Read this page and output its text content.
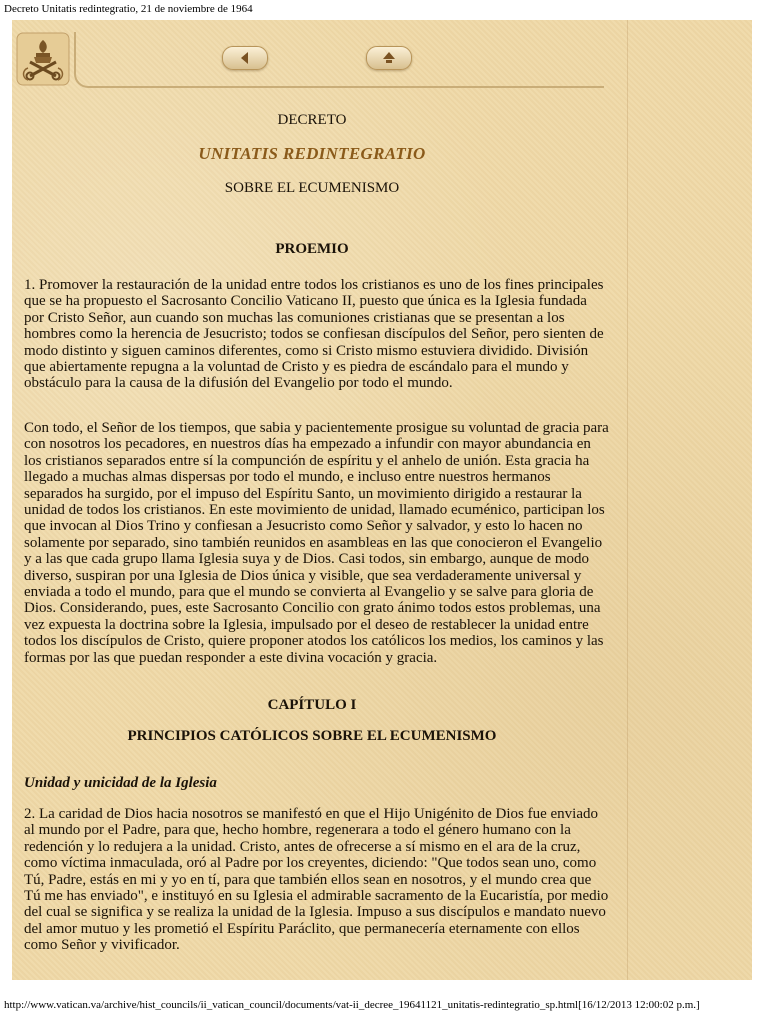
Decreto Unitatis redintegratio, 21 de noviembre de 1964
DECRETO
UNITATIS REDINTEGRATIO
SOBRE EL ECUMENISMO
PROEMIO
1. Promover la restauración de la unidad entre todos los cristianos es uno de los fines principales que se ha propuesto el Sacrosanto Concilio Vaticano II, puesto que única es la Iglesia fundada por Cristo Señor, aun cuando son muchas las comuniones cristianas que se presentan a los hombres como la herencia de Jesucristo; todos se confiesan discípulos del Señor, pero sienten de modo distinto y siguen caminos diferentes, como si Cristo mismo estuviera dividido. División que abiertamente repugna a la voluntad de Cristo y es piedra de escándalo para el mundo y obstáculo para la causa de la difusión del Evangelio por todo el mundo.
Con todo, el Señor de los tiempos, que sabia y pacientemente prosigue su voluntad de gracia para con nosotros los pecadores, en nuestros días ha empezado a infundir con mayor abundancia en los cristianos separados entre sí la compunción de espíritu y el anhelo de unión. Esta gracia ha llegado a muchas almas dispersas por todo el mundo, e incluso entre nuestros hermanos separados ha surgido, por el impuso del Espíritu Santo, un movimiento dirigido a restaurar la unidad de todos los cristianos. En este movimiento de unidad, llamado ecuménico, participan los que invocan al Dios Trino y confiesan a Jesucristo como Señor y salvador, y esto lo hacen no solamente por separado, sino también reunidos en asambleas en las que conocieron el Evangelio y a las que cada grupo llama Iglesia suya y de Dios. Casi todos, sin embargo, aunque de modo diverso, suspiran por una Iglesia de Dios única y visible, que sea verdaderamente universal y enviada a todo el mundo, para que el mundo se convierta al Evangelio y se salve para gloria de Dios. Considerando, pues, este Sacrosanto Concilio con grato ánimo todos estos problemas, una vez expuesta la doctrina sobre la Iglesia, impulsado por el deseo de restablecer la unidad entre todos los discípulos de Cristo, quiere proponer atodos los católicos los medios, los caminos y las formas por las que puedan responder a este divina vocación y gracia.
CAPÍTULO I
PRINCIPIOS CATÓLICOS SOBRE EL ECUMENISMO
Unidad y unicidad de la Iglesia
2. La caridad de Dios hacia nosotros se manifestó en que el Hijo Unigénito de Dios fue enviado al mundo por el Padre, para que, hecho hombre, regenerara a todo el género humano con la redención y lo redujera a la unidad. Cristo, antes de ofrecerse a sí mismo en el ara de la cruz, como víctima inmaculada, oró al Padre por los creyentes, diciendo: "Que todos sean uno, como Tú, Padre, estás en mi y yo en tí, para que también ellos sean en nosotros, y el mundo crea que Tú me has enviado", e instituyó en su Iglesia el admirable sacramento de la Eucaristía, por medio del cual se significa y se realiza la unidad de la Iglesia. Impuso a sus discípulos e mandato nuevo del amor mutuo y les prometió el Espíritu Paráclito, que permanecería eternamente con ellos como Señor y vivificador.
http://www.vatican.va/archive/hist_councils/ii_vatican_council/documents/vat-ii_decree_19641121_unitatis-redintegratio_sp.html[16/12/2013 12:00:02 p.m.]
